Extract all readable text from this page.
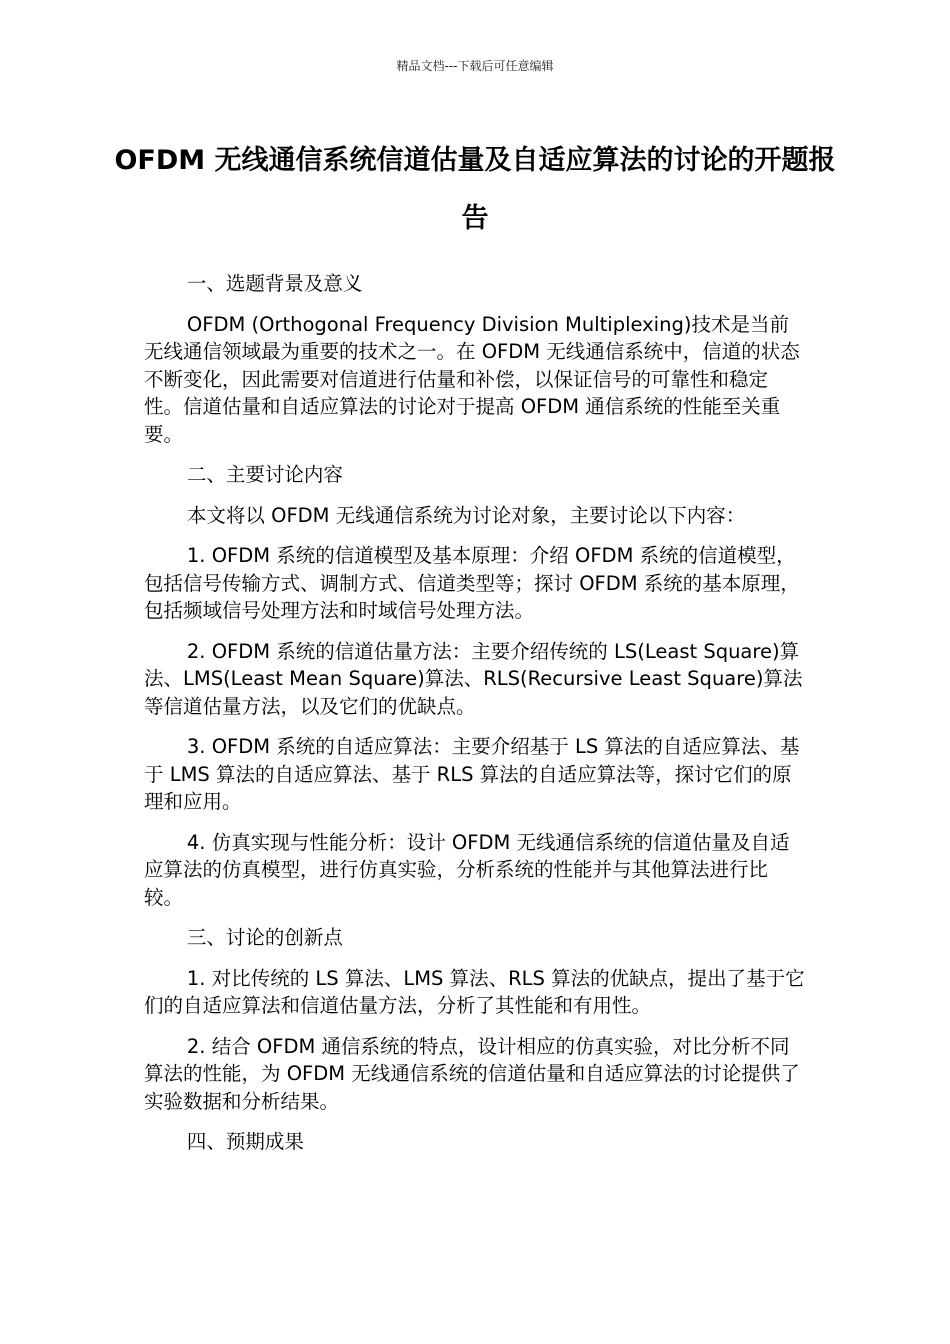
精品文档---下载后可任意编辑
OFDM 无线通信系统信道估量及自适应算法的讨论的开题报告

一、选题背景及意义

OFDM (Orthogonal Frequency Division Multiplexing)技术是当前无线通信领域最为重要的技术之一。在 OFDM 无线通信系统中，信道的状态不断变化，因此需要对信道进行估量和补偿，以保证信号的可靠性和稳定性。信道估量和自适应算法的讨论对于提高 OFDM 通信系统的性能至关重要。

二、主要讨论内容

本文将以 OFDM 无线通信系统为讨论对象，主要讨论以下内容：

1. OFDM 系统的信道模型及基本原理：介绍 OFDM 系统的信道模型，包括信号传输方式、调制方式、信道类型等；探讨 OFDM 系统的基本原理，包括频域信号处理方法和时域信号处理方法。

2. OFDM 系统的信道估量方法：主要介绍传统的 LS(Least Square)算法、LMS(Least Mean Square)算法、RLS(Recursive Least Square)算法等信道估量方法，以及它们的优缺点。

3. OFDM 系统的自适应算法：主要介绍基于 LS 算法的自适应算法、基于 LMS 算法的自适应算法、基于 RLS 算法的自适应算法等，探讨它们的原理和应用。

4. 仿真实现与性能分析：设计 OFDM 无线通信系统的信道估量及自适应算法的仿真模型，进行仿真实验，分析系统的性能并与其他算法进行比较。

三、讨论的创新点

1. 对比传统的 LS 算法、LMS 算法、RLS 算法的优缺点，提出了基于它们的自适应算法和信道估量方法，分析了其性能和有用性。

2. 结合 OFDM 通信系统的特点，设计相应的仿真实验，对比分析不同算法的性能，为 OFDM 无线通信系统的信道估量和自适应算法的讨论提供了实验数据和分析结果。

四、预期成果
